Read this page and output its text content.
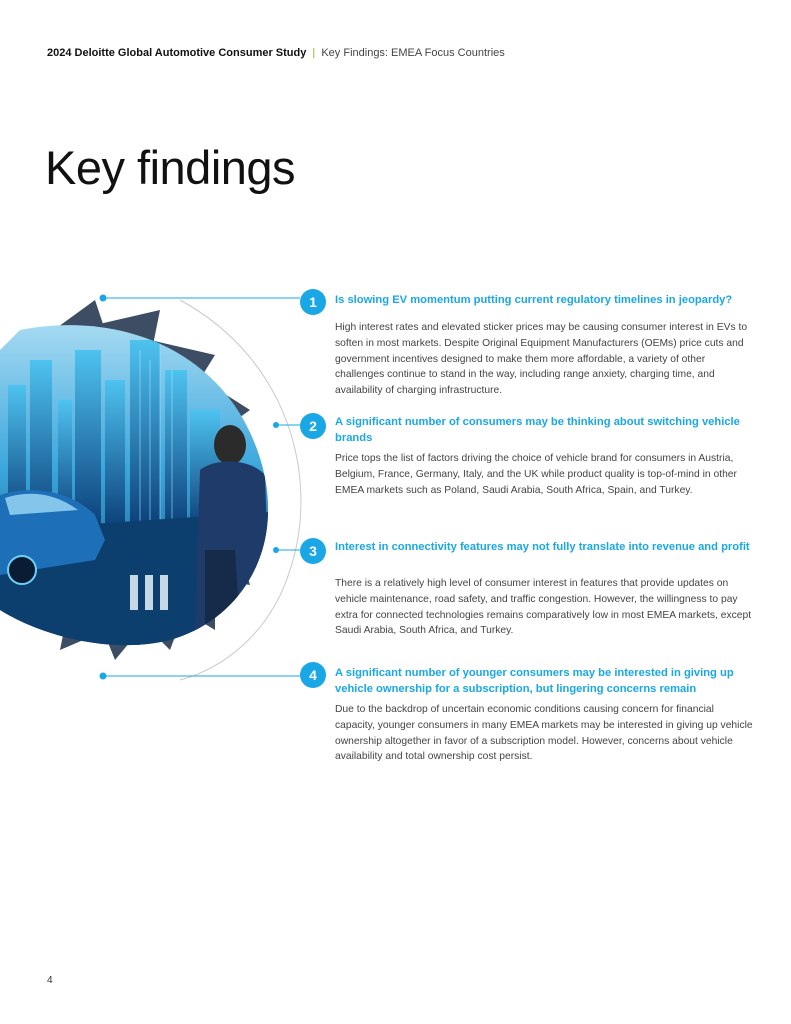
2024 Deloitte Global Automotive Consumer Study | Key Findings: EMEA Focus Countries
Key findings
1	Is slowing EV momentum putting current regulatory timelines in jeopardy?
High interest rates and elevated sticker prices may be causing consumer interest in EVs to soften in most markets. Despite Original Equipment Manufacturers (OEMs) price cuts and government incentives designed to make them more affordable, a variety of other challenges continue to stand in the way, including range anxiety, charging time, and availability of charging infrastructure.
2	A significant number of consumers may be thinking about switching vehicle brands
Price tops the list of factors driving the choice of vehicle brand for consumers in Austria, Belgium, France, Germany, Italy, and the UK while product quality is top-of-mind in other EMEA markets such as Poland, Saudi Arabia, South Africa, Spain, and Turkey.
3	Interest in connectivity features may not fully translate into revenue and profit
There is a relatively high level of consumer interest in features that provide updates on vehicle maintenance, road safety, and traffic congestion. However, the willingness to pay extra for connected technologies remains comparatively low in most EMEA markets, except Saudi Arabia, South Africa, and Turkey.
4	A significant number of younger consumers may be interested in giving up vehicle ownership for a subscription, but lingering concerns remain
Due to the backdrop of uncertain economic conditions causing concern for financial capacity, younger consumers in many EMEA markets may be interested in giving up vehicle ownership altogether in favor of a subscription model. However, concerns about vehicle availability and total ownership cost persist.
4
